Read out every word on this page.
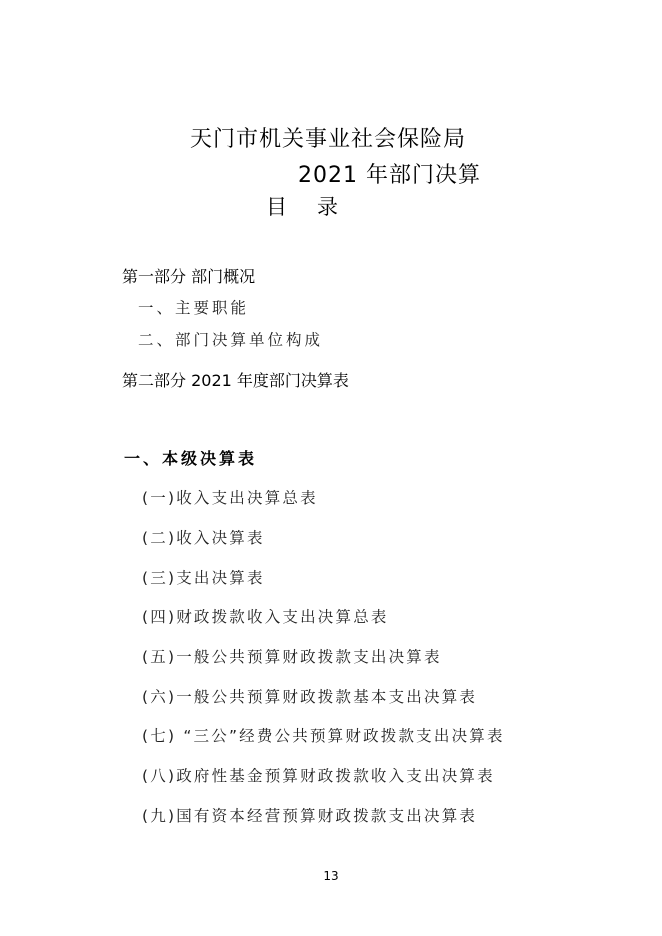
天门市机关事业社会保险局
2021 年部门决算
目录
第一部分 部门概况
一、主要职能
二、部门决算单位构成
第二部分 2021 年度部门决算表
一、本级决算表
(一)收入支出决算总表
(二)收入决算表
(三)支出决算表
(四)财政拨款收入支出决算总表
(五)一般公共预算财政拨款支出决算表
(六)一般公共预算财政拨款基本支出决算表
(七) “三公”经费公共预算财政拨款支出决算表
(八)政府性基金预算财政拨款收入支出决算表
(九)国有资本经营预算财政拨款支出决算表
13
